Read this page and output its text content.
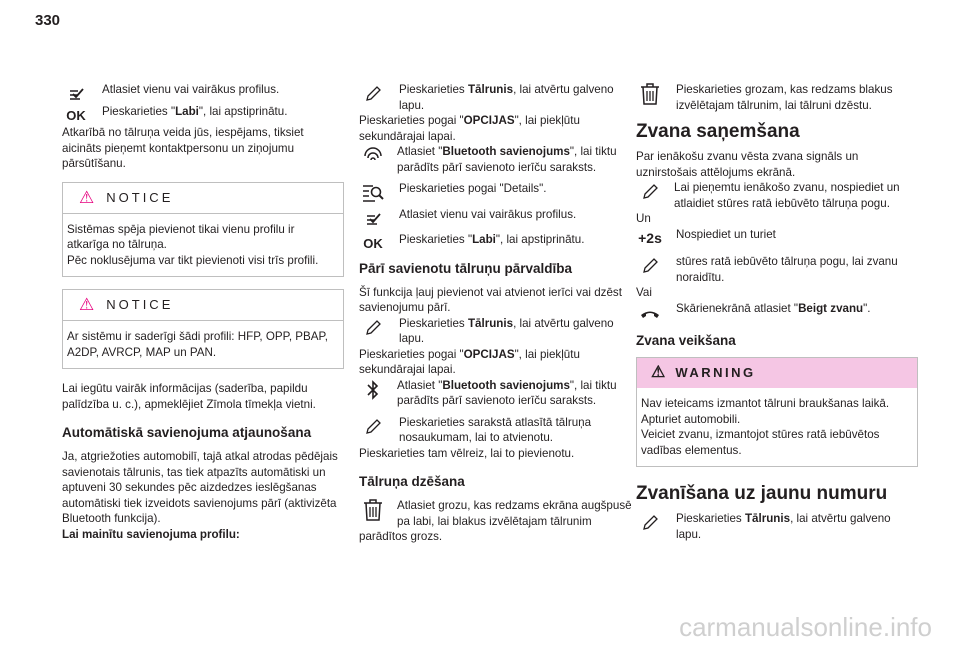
330
Atlasiet vienu vai vairākus profilus.
OK	Pieskarieties "Labi", lai apstiprinātu.

Atkarībā no tālruņa veida jūs, iespējams, tiksiet aicināts pieņemt kontaktpersonu un ziņojumu pārsūtīšanu.

⚠ NOTICE

Sistēmas spēja pievienot tikai vienu profilu ir atkarīga no tālruņa.

Pēc noklusējuma var tikt pievienoti visi trīs profili.

⚠ NOTICE

Ar sistēmu ir saderīgi šādi profili: HFP, OPP, PBAP, A2DP, AVRCP, MAP un PAN.

Lai iegūtu vairāk informācijas (saderība, papildu palīdzība u. c.), apmeklējiet Zīmola tīmekļa vietni.

Automātiskā savienojuma atjaunošana

Ja, atgriežoties automobilī, tajā atkal atrodas pēdējais savienotais tālrunis, tas tiek atpazīts automātiski un aptuveni 30 sekundes pēc aizdedzes ieslēgšanas automātiski tiek izveidots savienojums pārī (aktivizēta Bluetooth funkcija).

Lai mainītu savienojuma profilu:

Pieskarieties Tālrunis, lai atvērtu galveno lapu.

Pieskarieties pogai "OPCIJAS", lai piekļūtu sekundārajai lapai.

Atlasiet "Bluetooth savienojums", lai tiktu parādīts pārī savienoto ierīču saraksts.
Pieskarieties pogai "Details".
Atlasiet vienu vai vairākus profilus.
OK	Pieskarieties "Labi", lai apstiprinātu.
Pārī savienotu tālruņu pārvaldība

Šī funkcija ļauj pievienot vai atvienot ierīci vai dzēst savienojumu pārī.

Pieskarieties Tālrunis, lai atvērtu galveno lapu.

Pieskarieties pogai "OPCIJAS", lai piekļūtu sekundārajai lapai.

Atlasiet "Bluetooth savienojums", lai tiktu parādīts pārī savienoto ierīču saraksts.
Pieskarieties sarakstā atlasītā tālruņa nosaukumam, lai to atvienotu.

Pieskarieties tam vēlreiz, lai to pievienotu.

Tālruņa dzēšana
Atlasiet grozu, kas redzams ekrāna augšpusē pa labi, lai blakus izvēlētajam tālrunim parādītos grozs.
Pieskarieties grozam, kas redzams blakus izvēlētajam tālrunim, lai tālruni dzēstu.
Zvana saņemšana

Par ienākošu zvanu vēsta zvana signāls un uznirstošais attēlojums ekrānā.

Lai pieņemtu ienākošo zvanu, nospiediet un atlaidiet stūres ratā iebūvēto tālruņa pogu.

Un

+2s Nospiediet un turiet
stūres ratā iebūvēto tālruņa pogu, lai zvanu noraidītu.

Vai

Skārienekrānā atlasiet "Beigt zvanu".
Zvana veikšana
⚠ WARNING

Nav ieteicams izmantot tālruni braukšanas laikā.

Apturiet automobili.

Veiciet zvanu, izmantojot stūres ratā iebūvētos vadības elementus.

Zvanīšana uz jaunu numuru
Pieskarieties Tālrunis, lai atvērtu galveno lapu.
carmanualsonline.info
